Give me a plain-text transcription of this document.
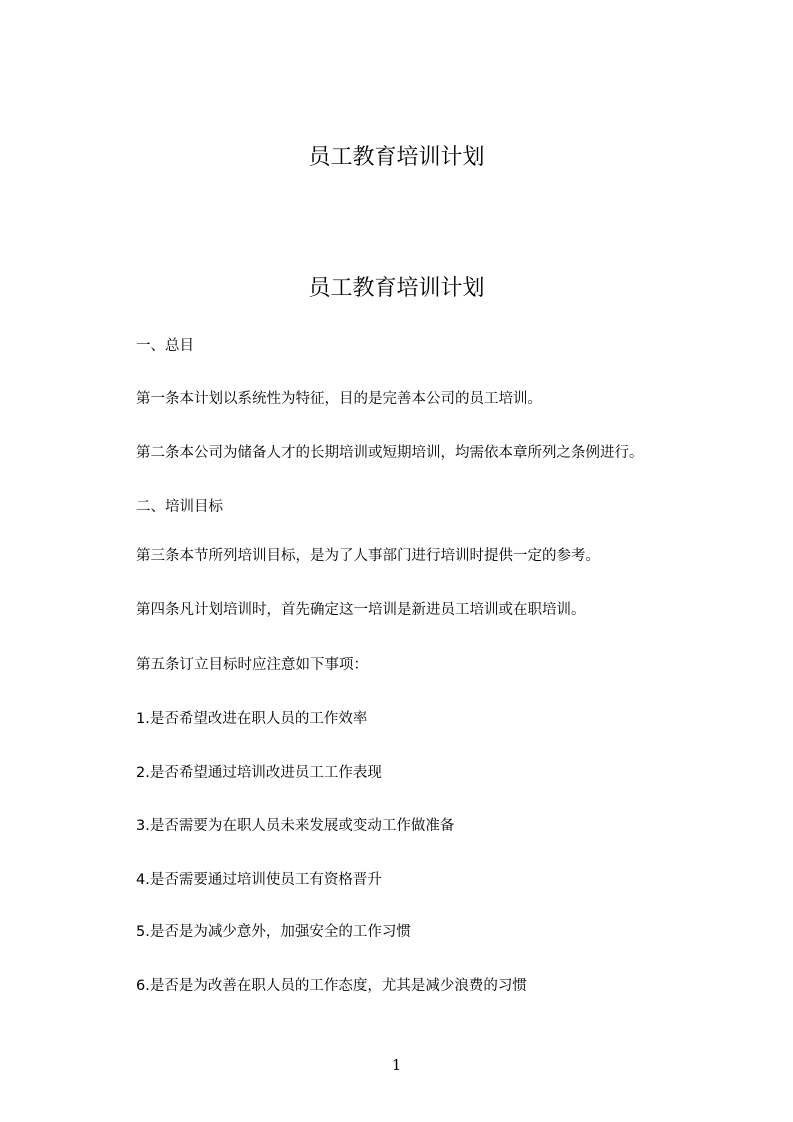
员工教育培训计划
员工教育培训计划

一、总目

第一条本计划以系统性为特征，目的是完善本公司的员工培训。

第二条本公司为储备人才的长期培训或短期培训，均需依本章所列之条例进行。

二、培训目标

第三条本节所列培训目标，是为了人事部门进行培训时提供一定的参考。

第四条凡计划培训时，首先确定这一培训是新进员工培训或在职培训。

第五条订立目标时应注意如下事项：

1.是否希望改进在职人员的工作效率

2.是否希望通过培训改进员工工作表现

3.是否需要为在职人员未来发展或变动工作做准备

4.是否需要通过培训使员工有资格晋升

5.是否是为减少意外，加强安全的工作习惯

6.是否是为改善在职人员的工作态度，尤其是减少浪费的习惯

1
